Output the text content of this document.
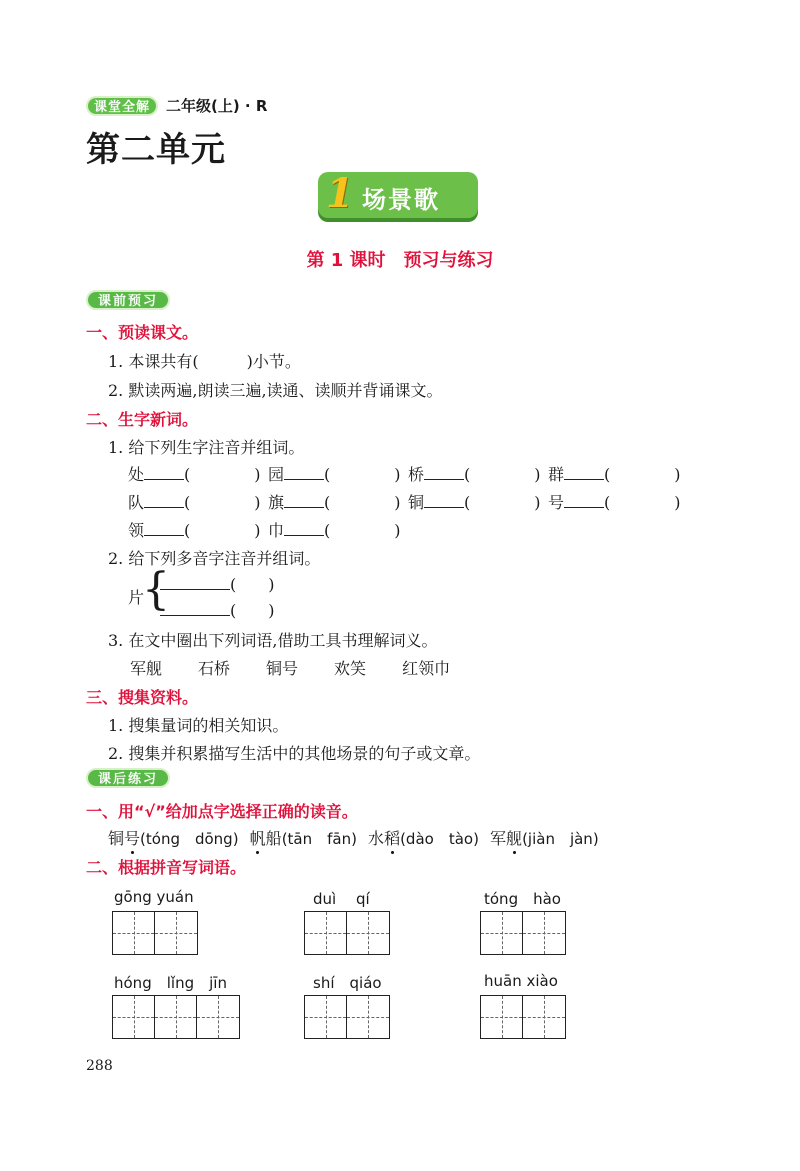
课堂全解	二年级(上) · R
第二单元
1 场景歌
第 1 课时　预习与练习
课前预习
一、预读课文。
1. 本课共有(　　　)小节。
2. 默读两遍,朗读三遍,读通、读顺并背诵课文。
二、生字新词。
1. 给下列生字注音并组词。
处	(　　　　) 园	(　　　　) 桥	(　　　　) 群	(　　　　)
队	(　　　　) 旗	(　　　　) 铜	(　　　　) 号	(　　　　)
领	(　　　　) 巾	(　　　　)
2. 给下列多音字注音并组词。
片
{	(　　)
(　　)
3. 在文中圈出下列词语,借助工具书理解词义。
军舰 石桥 铜号 欢笑 红领巾
三、搜集资料。
1. 搜集量词的相关知识。
2. 搜集并积累描写生活中的其他场景的句子或文章。
课后练习
一、用“√”给加点字选择正确的读音。
铜号(tóng　dōng) 帆船(tān　fān) 水稻(dào　tào) 军舰(jiàn　jàn)
二、根据拼音写词语。
gōng yuán	duì　 qí	tóng　 hào
hóng　 lǐng　 jīn	shí　 qiáo	huān xiào
288
